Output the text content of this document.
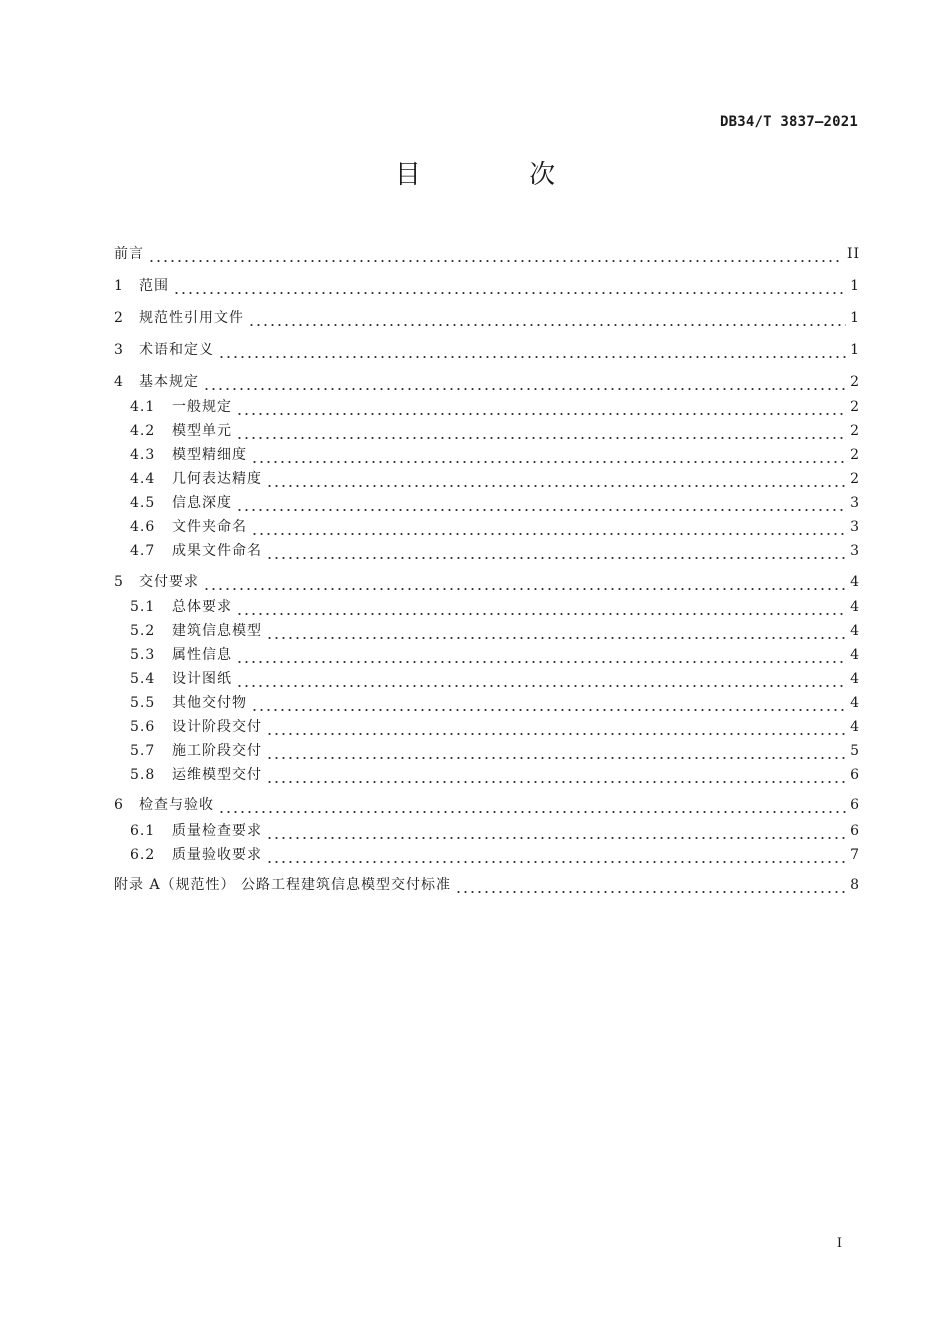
DB34/T 3837—2021
目 次
前言	II
1	范围	1
2	规范性引用文件	1
3	术语和定义	1
4	基本规定	2
4.1	一般规定	2
4.2	模型单元	2
4.3	模型精细度	2
4.4	几何表达精度	2
4.5	信息深度	3
4.6	文件夹命名	3
4.7	成果文件命名	3
5	交付要求	4
5.1	总体要求	4
5.2	建筑信息模型	4
5.3	属性信息	4
5.4	设计图纸	4
5.5	其他交付物	4
5.6	设计阶段交付	4
5.7	施工阶段交付	5
5.8	运维模型交付	6
6	检查与验收	6
6.1	质量检查要求	6
6.2	质量验收要求	7
附录 A（规范性） 公路工程建筑信息模型交付标准	8
I
